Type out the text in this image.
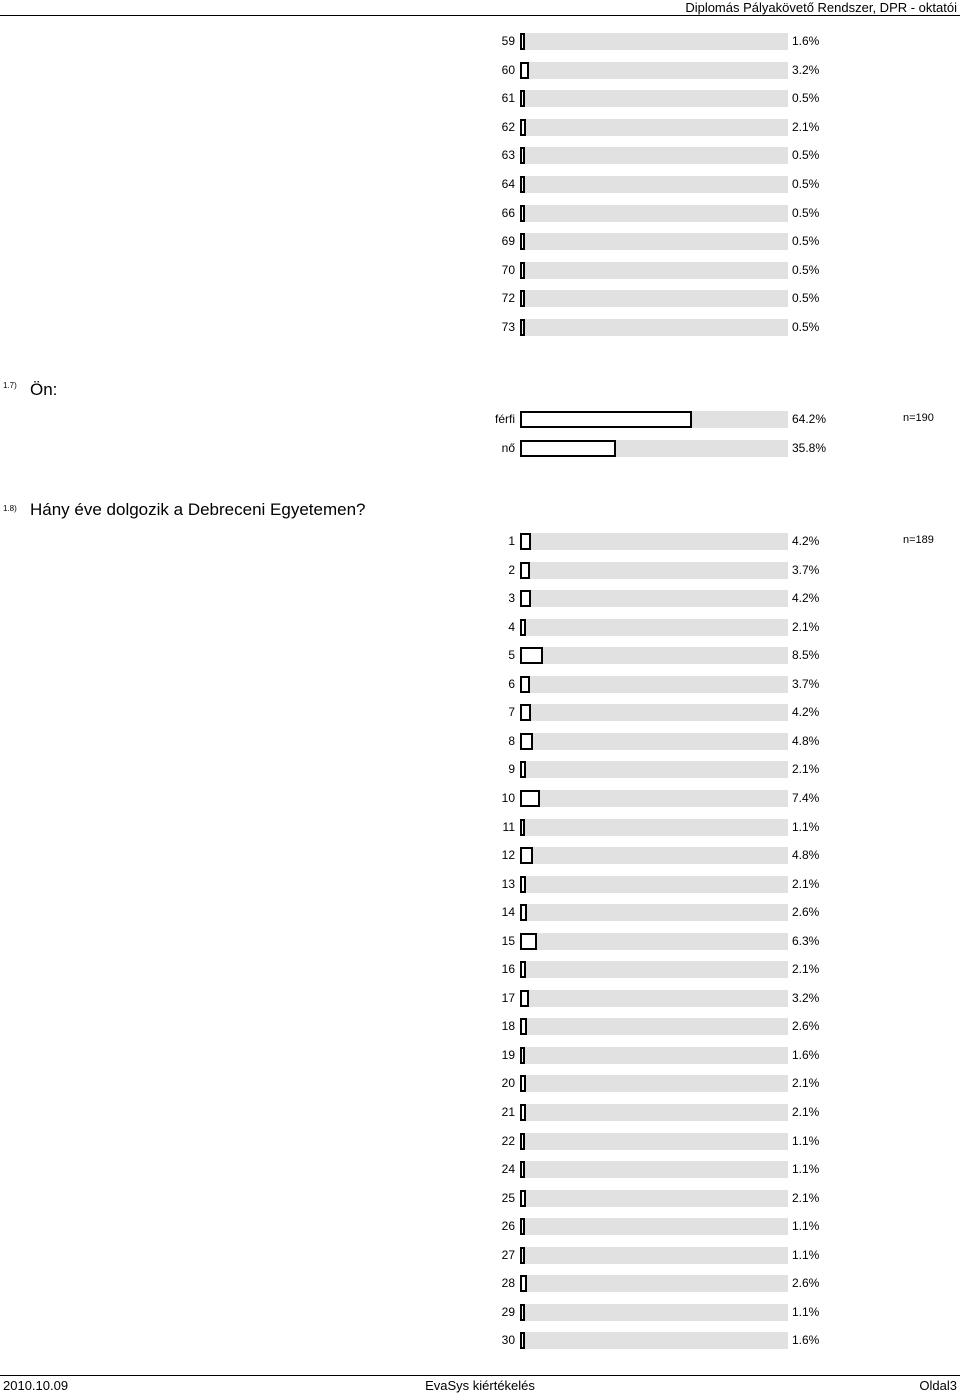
Diplomás Pályakövető Rendszer, DPR - oktatói
59	1.6%
60	3.2%
61	0.5%
62	2.1%
63	0.5%
64	0.5%
66	0.5%
69	0.5%
70	0.5%
72	0.5%
73	0.5%
1.7) Ön:
férfi	64.2%	n=190
nő	35.8%
1.8) Hány éve dolgozik a Debreceni Egyetemen?
1	4.2%	n=189
2	3.7%
3	4.2%
4	2.1%
5	8.5%
6	3.7%
7	4.2%
8	4.8%
9	2.1%
10	7.4%
11	1.1%
12	4.8%
13	2.1%
14	2.6%
15	6.3%
16	2.1%
17	3.2%
18	2.6%
19	1.6%
20	2.1%
21	2.1%
22	1.1%
24	1.1%
25	2.1%
26	1.1%
27	1.1%
28	2.6%
29	1.1%
30	1.6%
2010.10.09	EvaSys kiértékelés	Oldal3
